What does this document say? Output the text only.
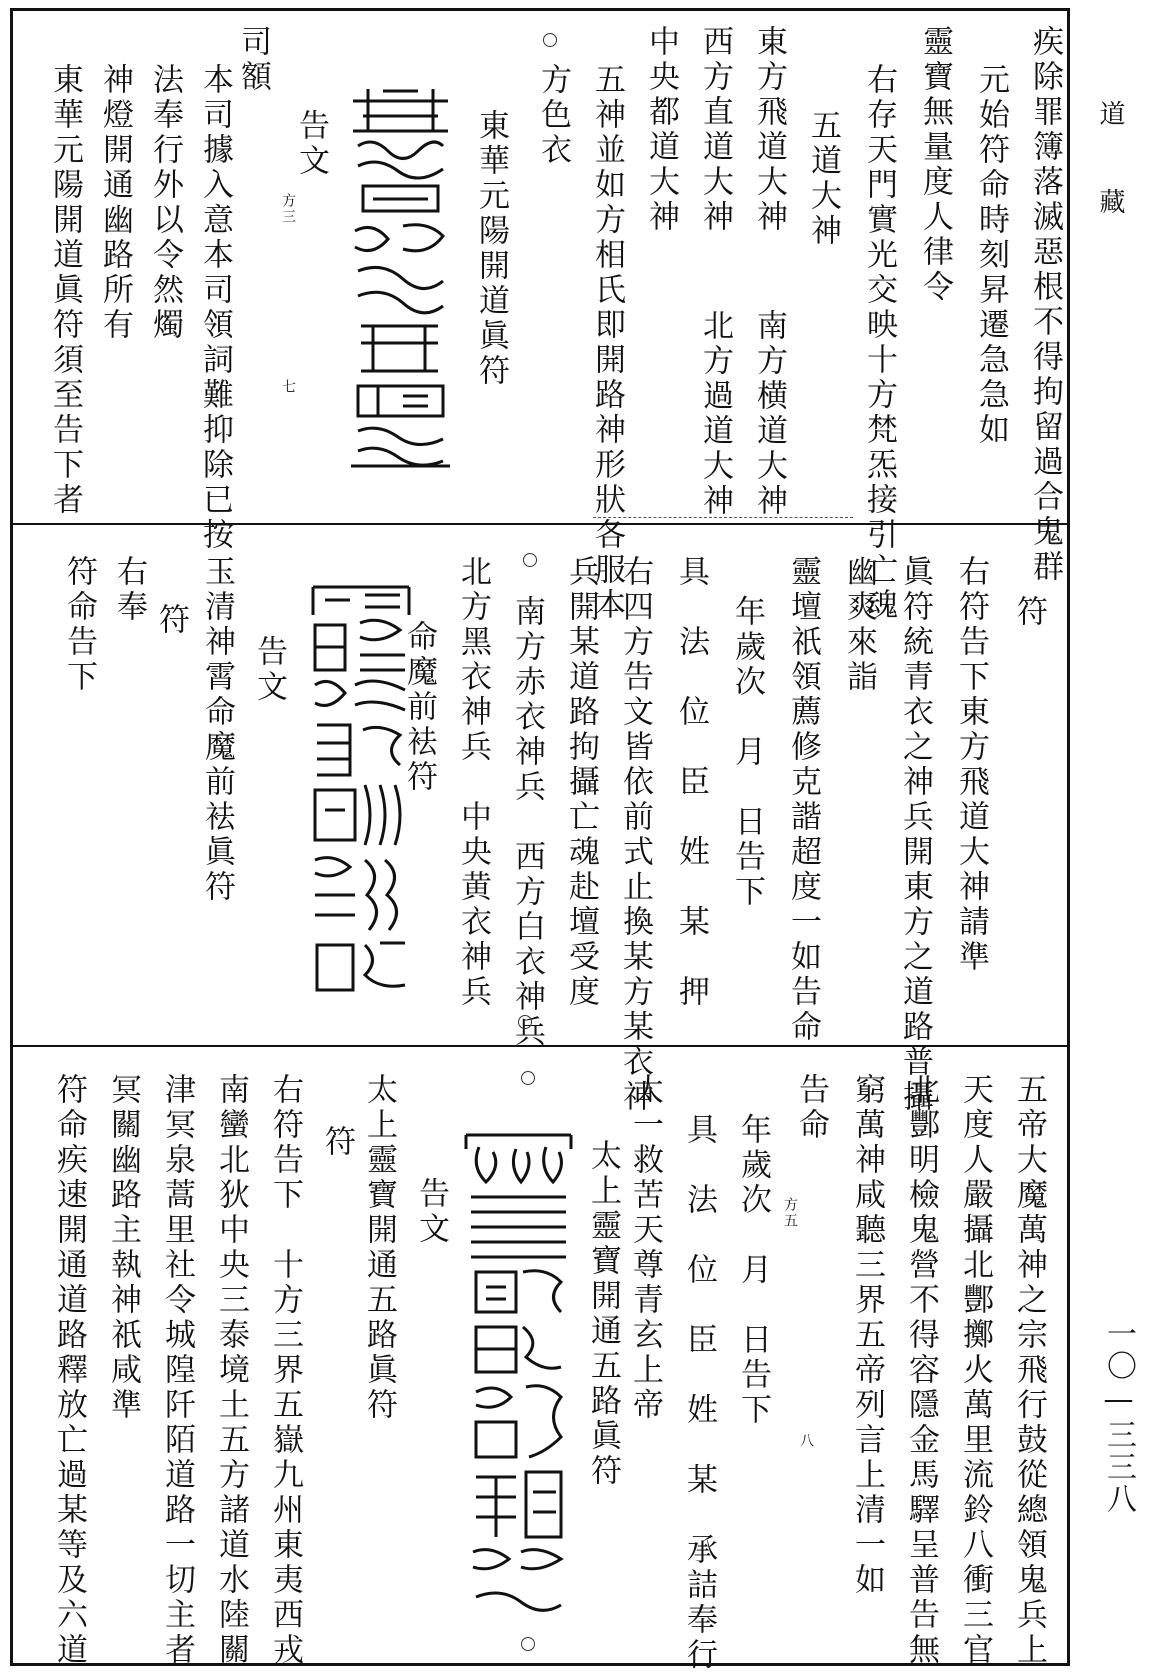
疾除罪簿落滅惡根不得拘留過合鬼群
元始符命時刻昇遷急急如
靈寶無量度人律令
右存天門實光交映十方梵炁接引亡魂
五道大神
東方飛道大神
南方横道大神
西方直道大神
北方過道大神
中央都道大神
五神並如方相氏即開路神形狀各服本
方色衣
東華元陽開道眞符
告文
方三
七
司額
本司據入意本司領詞難抑除已按
法奉行外以令然燭
神燈開通幽路所有
東華元陽開道眞符須至告下者
符
右符告下東方飛道大神請準
眞符統青衣之神兵開東方之道路普攝
幽爽來詣
靈壇祇領薦修克諧超度一如告命
年歲次　月　日告下
具　法　位　臣　姓　某　押
右四方告文皆依前式止換某方某衣神
兵開某道路拘攝亡魂赴壇受度
南方赤衣神兵　西方白衣神兵
北方黑衣神兵　中央黄衣神兵
命魔前袪符
告文
玉清神霄命魔前袪眞符
符
右奉
符命告下
五帝大魔萬神之宗飛行鼓從總領鬼兵上
天度人嚴攝北酆擲火萬里流鈴八衝三官
北酆明檢鬼營不得容隱金馬驛呈普告無
窮萬神咸聽三界五帝列言上清一如
告命
年歲次　月　日告下
具　法　位　臣　姓　某　承詰奉行	方五
八
太一救苦天尊青玄上帝
太上靈寶開通五路眞符
告文
太上靈寶開通五路眞符
符
右符告下　十方三界五嶽九州東夷西戎
南蠻北狄中央三泰境土五方諸道水陸關
津冥泉蒿里社令城隍阡陌道路一切主者
冥關幽路主執神祇咸準
符命疾速開通道路釋放亡過某等及六道
道　藏
一〇—三三八
